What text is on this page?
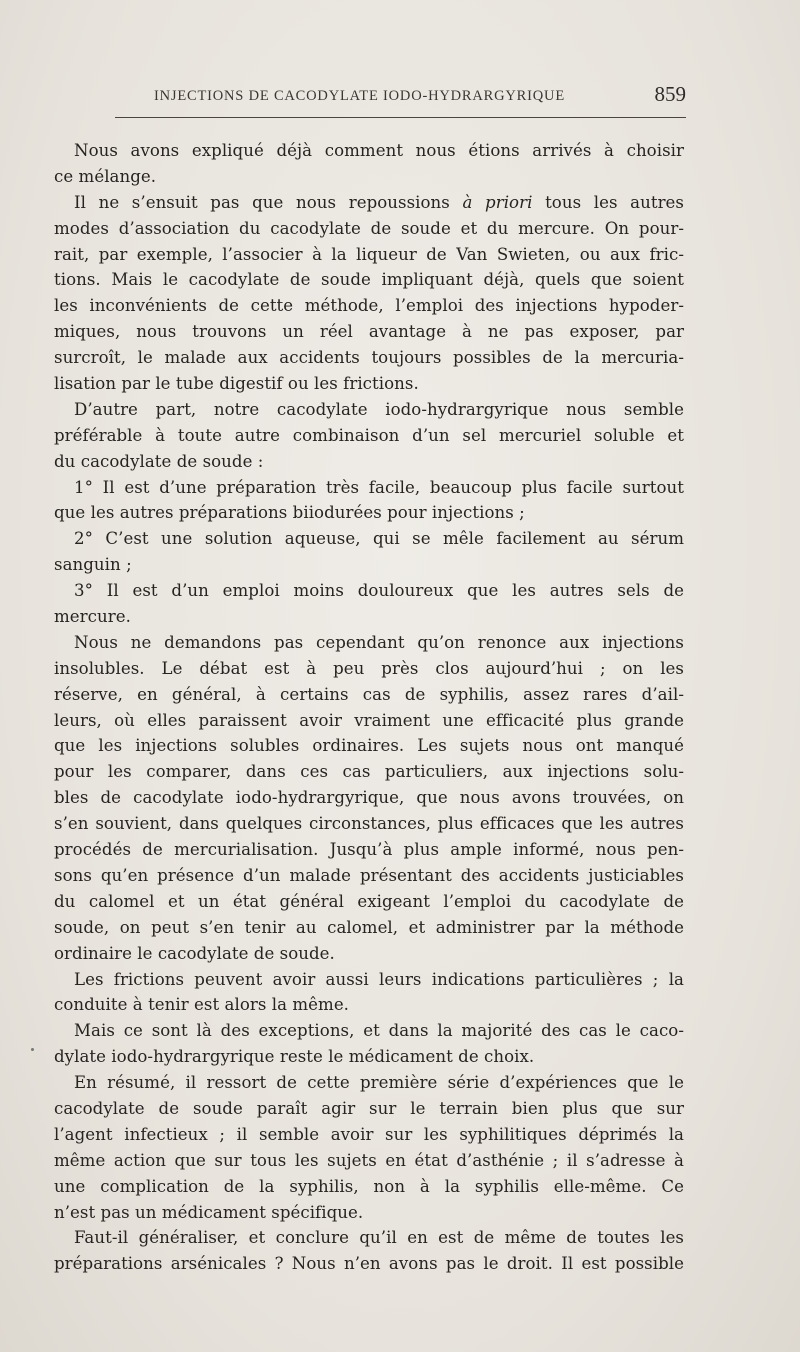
INJECTIONS DE CACODYLATE IODO-HYDRARGYRIQUE	859
Nous avons expliqué déjà comment nous étions arrivés à choisir
ce mélange.
Il ne s’ensuit pas que nous repoussions à priori tous les autres
modes d’association du cacodylate de soude et du mercure. On pour-
rait, par exemple, l’associer à la liqueur de Van Swieten, ou aux fric-
tions. Mais le cacodylate de soude impliquant déjà, quels que soient
les inconvénients de cette méthode, l’emploi des injections hypoder-
miques, nous trouvons un réel avantage à ne pas exposer, par
surcroît, le malade aux accidents toujours possibles de la mercuria-
lisation par le tube digestif ou les frictions.
D’autre part, notre cacodylate iodo-hydrargyrique nous semble
préférable à toute autre combinaison d’un sel mercuriel soluble et
du cacodylate de soude :
1° Il est d’une préparation très facile, beaucoup plus facile surtout
que les autres préparations biiodurées pour injections ;
2° C’est une solution aqueuse, qui se mêle facilement au sérum
sanguin ;
3° Il est d’un emploi moins douloureux que les autres sels de
mercure.
Nous ne demandons pas cependant qu’on renonce aux injections
insolubles. Le débat est à peu près clos aujourd’hui ; on les
réserve, en général, à certains cas de syphilis, assez rares d’ail-
leurs, où elles paraissent avoir vraiment une efficacité plus grande
que les injections solubles ordinaires. Les sujets nous ont manqué
pour les comparer, dans ces cas particuliers, aux injections solu-
bles de cacodylate iodo-hydrargyrique, que nous avons trouvées, on
s’en souvient, dans quelques circonstances, plus efficaces que les autres
procédés de mercurialisation. Jusqu’à plus ample informé, nous pen-
sons qu’en présence d’un malade présentant des accidents justiciables
du calomel et un état général exigeant l’emploi du cacodylate de
soude, on peut s’en tenir au calomel, et administrer par la méthode
ordinaire le cacodylate de soude.
Les frictions peuvent avoir aussi leurs indications particulières ; la
conduite à tenir est alors la même.
Mais ce sont là des exceptions, et dans la majorité des cas le caco-
dylate iodo-hydrargyrique reste le médicament de choix.
En résumé, il ressort de cette première série d’expériences que le
cacodylate de soude paraît agir sur le terrain bien plus que sur
l’agent infectieux ; il semble avoir sur les syphilitiques déprimés la
même action que sur tous les sujets en état d’asthénie ; il s’adresse à
une complication de la syphilis, non à la syphilis elle-même. Ce
n’est pas un médicament spécifique.
Faut-il généraliser, et conclure qu’il en est de même de toutes les
préparations arsénicales ? Nous n’en avons pas le droit. Il est possible
